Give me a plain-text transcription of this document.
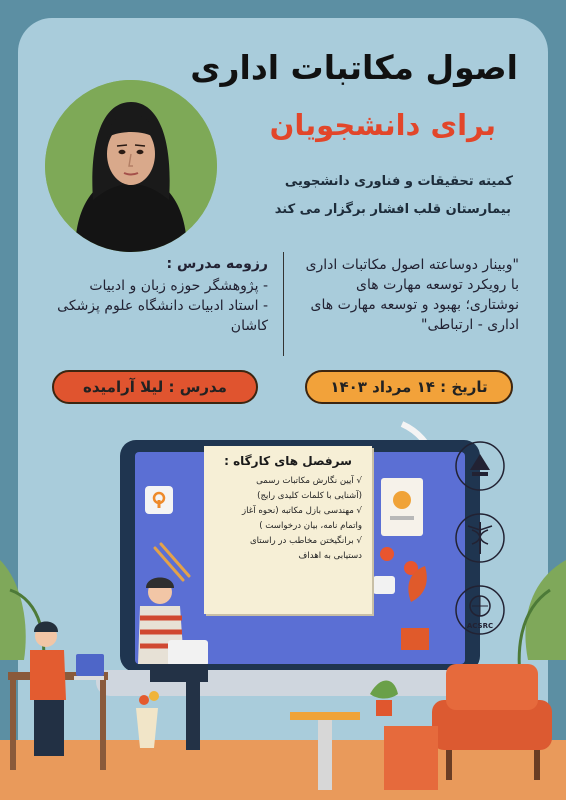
اصول مکاتبات اداری
برای دانشجویان
کمیته تحقیقات و فناوری دانشجویی
بیمارستان قلب افشار برگزار می کند
"وبینار دوساعته اصول مکاتبات اداری با رویکرد توسعه مهارت های نوشتاری؛ بهبود و توسعه مهارت های اداری - ارتباطی"
رزومه مدرس :
- پژوهشگر حوزه زبان و ادبیات
- استاد ادبیات دانشگاه علوم پزشکی کاشان
تاریخ : ۱۴ مرداد ۱۴۰۳
مدرس : لیلا آرامیده
سرفصل های کارگاه :
√ آیین نگارش مکاتبات رسمی
(آشنایی با کلمات کلیدی رایج)
√ مهندسی بازل مکاتبه (نحوه آغاز
واتمام نامه، بیان درخواست )
√ برانگیختن مخاطب در راستای
دستیابی به اهداف

ACSRC
